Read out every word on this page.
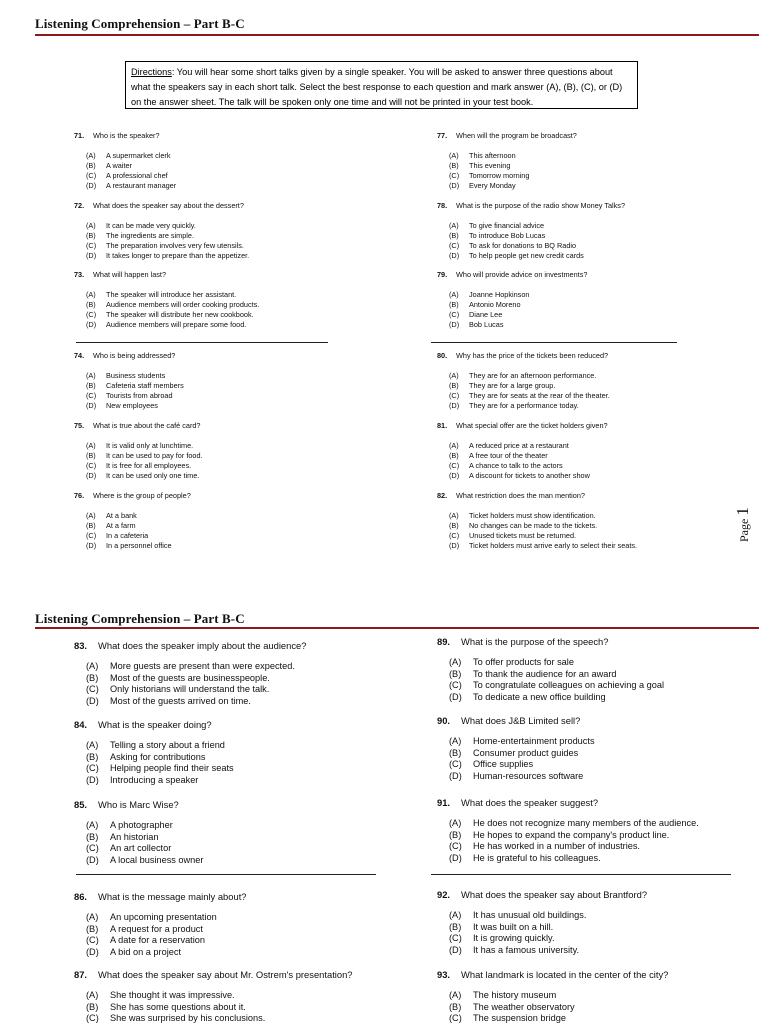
Listening Comprehension – Part B-C
Directions: You will hear some short talks given by a single speaker. You will be asked to answer three questions about what the speakers say in each short talk. Select the best response to each question and mark answer (A), (B), (C), or (D) on the answer sheet. The talk will be spoken only one time and will not be printed in your test book.
71. Who is the speaker?
(A) A supermarket clerk
(B) A waiter
(C) A professional chef
(D) A restaurant manager
72. What does the speaker say about the dessert?
(A) It can be made very quickly.
(B) The ingredients are simple.
(C) The preparation involves very few utensils.
(D) It takes longer to prepare than the appetizer.
73. What will happen last?
(A) The speaker will introduce her assistant.
(B) Audience members will order cooking products.
(C) The speaker will distribute her new cookbook.
(D) Audience members will prepare some food.
74. Who is being addressed?
(A) Business students
(B) Cafeteria staff members
(C) Tourists from abroad
(D) New employees
75. What is true about the café card?
(A) It is valid only at lunchtime.
(B) It can be used to pay for food.
(C) It is free for all employees.
(D) It can be used only one time.
76. Where is the group of people?
(A) At a bank
(B) At a farm
(C) In a cafeteria
(D) In a personnel office
77. When will the program be broadcast?
(A) This afternoon
(B) This evening
(C) Tomorrow morning
(D) Every Monday
78. What is the purpose of the radio show Money Talks?
(A) To give financial advice
(B) To introduce Bob Lucas
(C) To ask for donations to BQ Radio
(D) To help people get new credit cards
79. Who will provide advice on investments?
(A) Joanne Hopkinson
(B) Antonio Moreno
(C) Diane Lee
(D) Bob Lucas
80. Why has the price of the tickets been reduced?
(A) They are for an afternoon performance.
(B) They are for a large group.
(C) They are for seats at the rear of the theater.
(D) They are for a performance today.
81. What special offer are the ticket holders given?
(A) A reduced price at a restaurant
(B) A free tour of the theater
(C) A chance to talk to the actors
(D) A discount for tickets to another show
82. What restriction does the man mention?
(A) Ticket holders must show identification.
(B) No changes can be made to the tickets.
(C) Unused tickets must be returned.
(D) Ticket holders must arrive early to select their seats.
Page 1
Listening Comprehension – Part B-C
83. What does the speaker imply about the audience?
(A) More guests are present than were expected.
(B) Most of the guests are businesspeople.
(C) Only historians will understand the talk.
(D) Most of the guests arrived on time.
84. What is the speaker doing?
(A) Telling a story about a friend
(B) Asking for contributions
(C) Helping people find their seats
(D) Introducing a speaker
85. Who is Marc Wise?
(A) A photographer
(B) An historian
(C) An art collector
(D) A local business owner
86. What is the message mainly about?
(A) An upcoming presentation
(B) A request for a product
(C) A date for a reservation
(D) A bid on a project
87. What does the speaker say about Mr. Ostrem's presentation?
(A) She thought it was impressive.
(B) She has some questions about it.
(C) She was surprised by his conclusions.
89. What is the purpose of the speech?
(A) To offer products for sale
(B) To thank the audience for an award
(C) To congratulate colleagues on achieving a goal
(D) To dedicate a new office building
90. What does J&B Limited sell?
(A) Home-entertainment products
(B) Consumer product guides
(C) Office supplies
(D) Human-resources software
91. What does the speaker suggest?
(A) He does not recognize many members of the audience.
(B) He hopes to expand the company's product line.
(C) He has worked in a number of industries.
(D) He is grateful to his colleagues.
92. What does the speaker say about Brantford?
(A) It has unusual old buildings.
(B) It was built on a hill.
(C) It is growing quickly.
(D) It has a famous university.
93. What landmark is located in the center of the city?
(A) The history museum
(B) The weather observatory
(C) The suspension bridge
